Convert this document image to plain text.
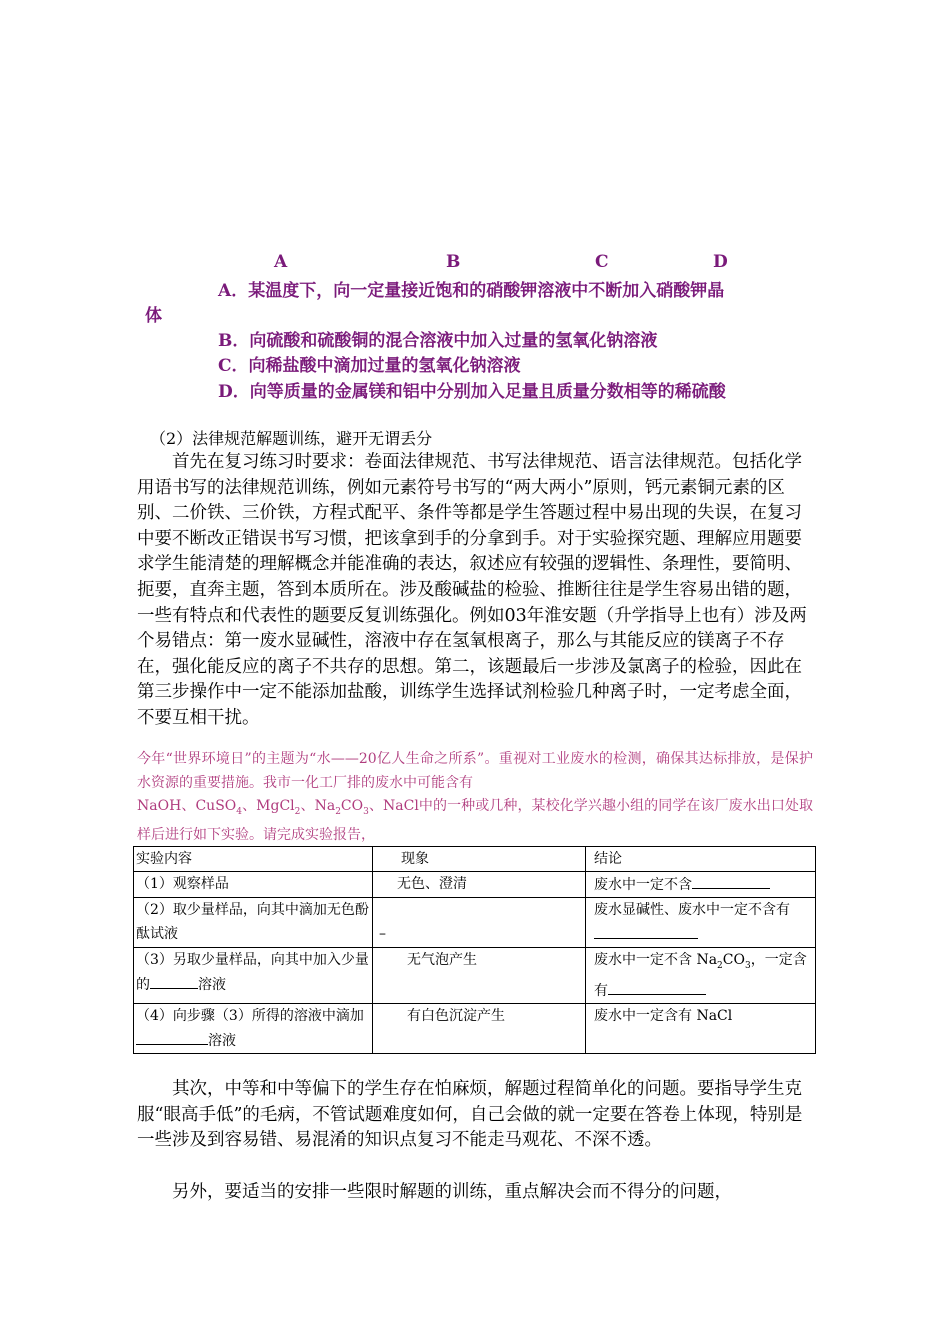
A	B	C	D
A．某温度下，向一定量接近饱和的硝酸钾溶液中不断加入硝酸钾晶
体
B．向硫酸和硫酸铜的混合溶液中加入过量的氢氧化钠溶液
C．向稀盐酸中滴加过量的氢氧化钠溶液
D．向等质量的金属镁和铝中分别加入足量且质量分数相等的稀硫酸
（2）法律规范解题训练，避开无谓丢分

首先在复习练习时要求：卷面法律规范、书写法律规范、语言法律规范。包括化学用语书写的法律规范训练，例如元素符号书写的“两大两小”原则，钙元素铜元素的区别、二价铁、三价铁，方程式配平、条件等都是学生答题过程中易出现的失误，在复习中要不断改正错误书写习惯，把该拿到手的分拿到手。对于实验探究题、理解应用题要求学生能清楚的理解概念并能准确的表达，叙述应有较强的逻辑性、条理性，要简明、扼要，直奔主题，答到本质所在。涉及酸碱盐的检验、推断往往是学生容易出错的题，一些有特点和代表性的题要反复训练强化。例如03年淮安题（升学指导上也有）涉及两个易错点：第一废水显碱性，溶液中存在氢氧根离子，那么与其能反应的镁离子不存在，强化能反应的离子不共存的思想。第二，该题最后一步涉及氯离子的检验，因此在第三步操作中一定不能添加盐酸，训练学生选择试剂检验几种离子时，一定考虑全面，不要互相干扰。

今年“世界环境日”的主题为“水——20亿人生命之所系”。重视对工业废水的检测，确保其达标排放，是保护水资源的重要措施。我市一化工厂排的废水中可能含有
NaOH、CuSO$_4$、MgCl$_2$、$Na_2CO_3$、NaCl中的一种或几种，某校化学兴趣小组的同学在该厂废水出口处取样后进行如下实验。请完成实验报告，
实验内容	现象	结论
（1）观察样品	无色、澄清	废水中一定不含
（2）取少量样品，向其中滴加无色酚酞试液	–	废水显碱性、废水中一定不含有
（3）另取少量样品，向其中加入少量的 溶液	无气泡产生	废水中一定不含 $Na_2CO_3$，一定含有
（4）向步骤（3）所得的溶液中滴加溶液	有白色沉淀产生	废水中一定含有 NaCl

其次，中等和中等偏下的学生存在怕麻烦，解题过程简单化的问题。要指导学生克服“眼高手低”的毛病，不管试题难度如何，自己会做的就一定要在答卷上体现，特别是一些涉及到容易错、易混淆的知识点复习不能走马观花、不深不透。

另外，要适当的安排一些限时解题的训练，重点解决会而不得分的问题，
